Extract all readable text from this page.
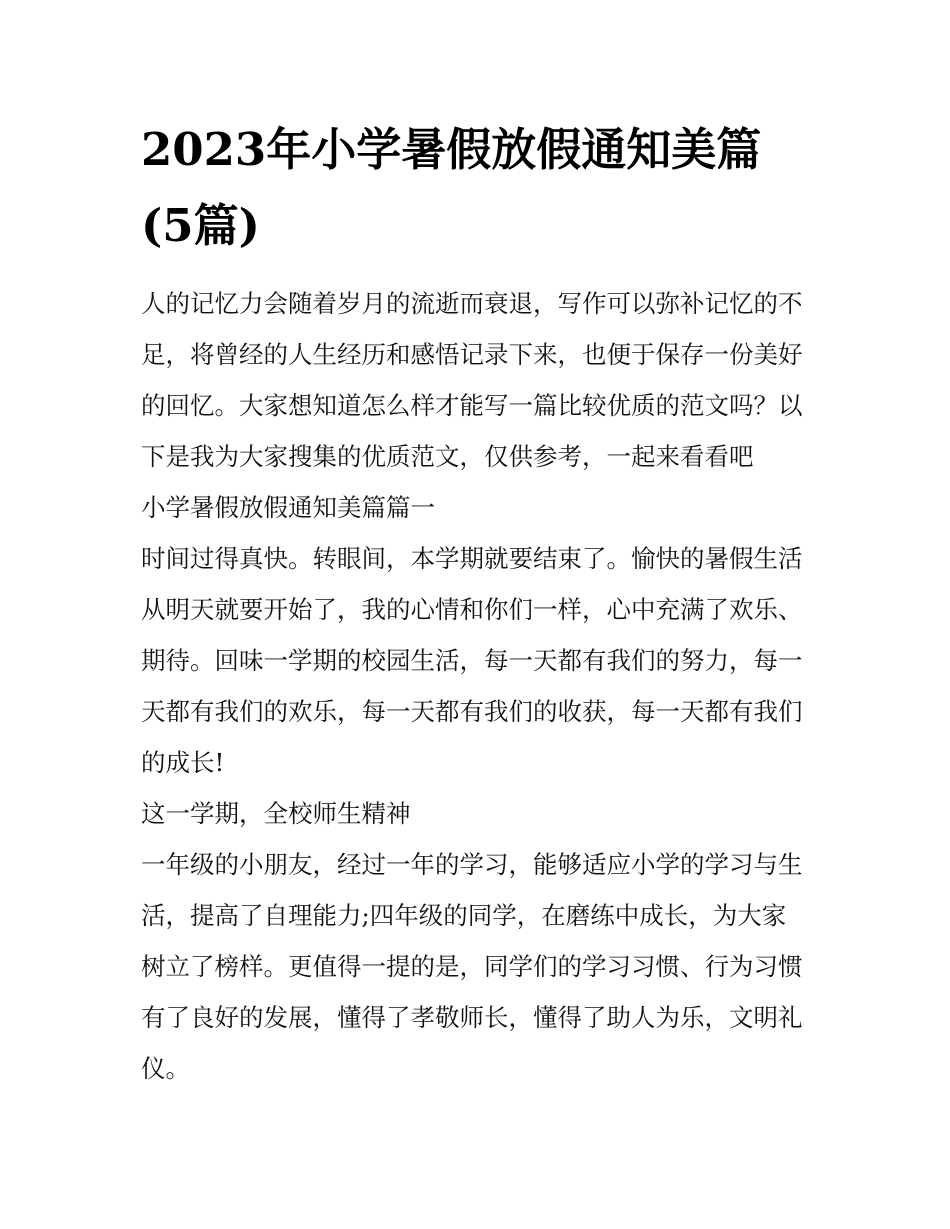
2023年小学暑假放假通知美篇
(5篇)
人的记忆力会随着岁月的流逝而衰退，写作可以弥补记忆的不
足，将曾经的人生经历和感悟记录下来，也便于保存一份美好
的回忆。大家想知道怎么样才能写一篇比较优质的范文吗？以
下是我为大家搜集的优质范文，仅供参考，一起来看看吧
小学暑假放假通知美篇篇一
时间过得真快。转眼间，本学期就要结束了。愉快的暑假生活
从明天就要开始了，我的心情和你们一样，心中充满了欢乐、
期待。回味一学期的校园生活，每一天都有我们的努力，每一
天都有我们的欢乐，每一天都有我们的收获，每一天都有我们
的成长!
这一学期，全校师生精神
一年级的小朋友，经过一年的学习，能够适应小学的学习与生
活，提高了自理能力;四年级的同学，在磨练中成长，为大家
树立了榜样。更值得一提的是，同学们的学习习惯、行为习惯
有了良好的发展，懂得了孝敬师长，懂得了助人为乐，文明礼
仪。
